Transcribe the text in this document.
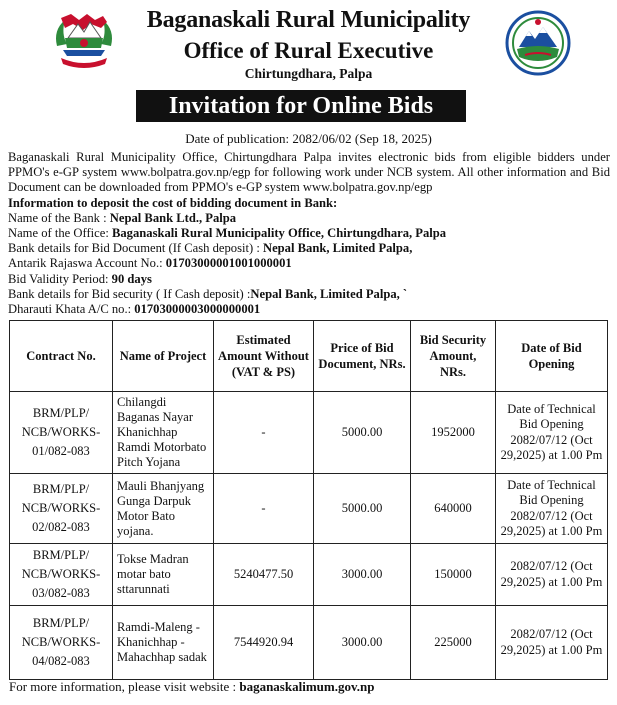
Baganaskali Rural Municipality
Office of Rural Executive
Chirtungdhara, Palpa
Invitation for Online Bids
Date of publication: 2082/06/02 (Sep 18, 2025)

Baganaskali Rural Municipality Office, Chirtungdhara Palpa invites electronic bids from eligible bidders under PPMO's e-GP system www.bolpatra.gov.np/egp for following work under NCB system. All other information and Bid Document can be downloaded from PPMO's e-GP system www.bolpatra.gov.np/egp

Information to deposit the cost of bidding document in Bank:

Name of the Bank : Nepal Bank Ltd., Palpa

Name of the Office: Baganaskali Rural Municipality Office, Chirtungdhara, Palpa

Bank details for Bid Document (If Cash deposit) : Nepal Bank, Limited Palpa,

Antarik Rajaswa Account No.: 01703000001001000001

Bid Validity Period: 90 days

Bank details for Bid security ( If Cash deposit) :Nepal Bank, Limited Palpa, `

Dharauti Khata A/C no.: 01703000003000000001

Contract No.	Name of Project	Estimated Amount Without (VAT & PS)	Price of Bid Document, NRs.	Bid Security Amount, NRs.	Date of Bid Opening
BRM/PLP/ NCB/WORKS- 01/082-083	Chilangdi Baganas Nayar Khanichhap Ramdi Motorbato Pitch Yojana	-	5000.00	1952000	Date of Technical Bid Opening 2082/07/12 (Oct 29,2025) at 1.00 Pm
BRM/PLP/ NCB/WORKS- 02/082-083	Mauli Bhanjyang Gunga Darpuk Motor Bato yojana.	-	5000.00	640000	Date of Technical Bid Opening 2082/07/12 (Oct 29,2025) at 1.00 Pm
BRM/PLP/ NCB/WORKS- 03/082-083	Tokse Madran motar bato sttarunnati	5240477.50	3000.00	150000	2082/07/12 (Oct 29,2025) at 1.00 Pm
BRM/PLP/ NCB/WORKS- 04/082-083	Ramdi-Maleng -Khanichhap -Mahachhap sadak	7544920.94	3000.00	225000	2082/07/12 (Oct 29,2025) at 1.00 Pm
For more information, please visit website : baganaskalimum.gov.np
